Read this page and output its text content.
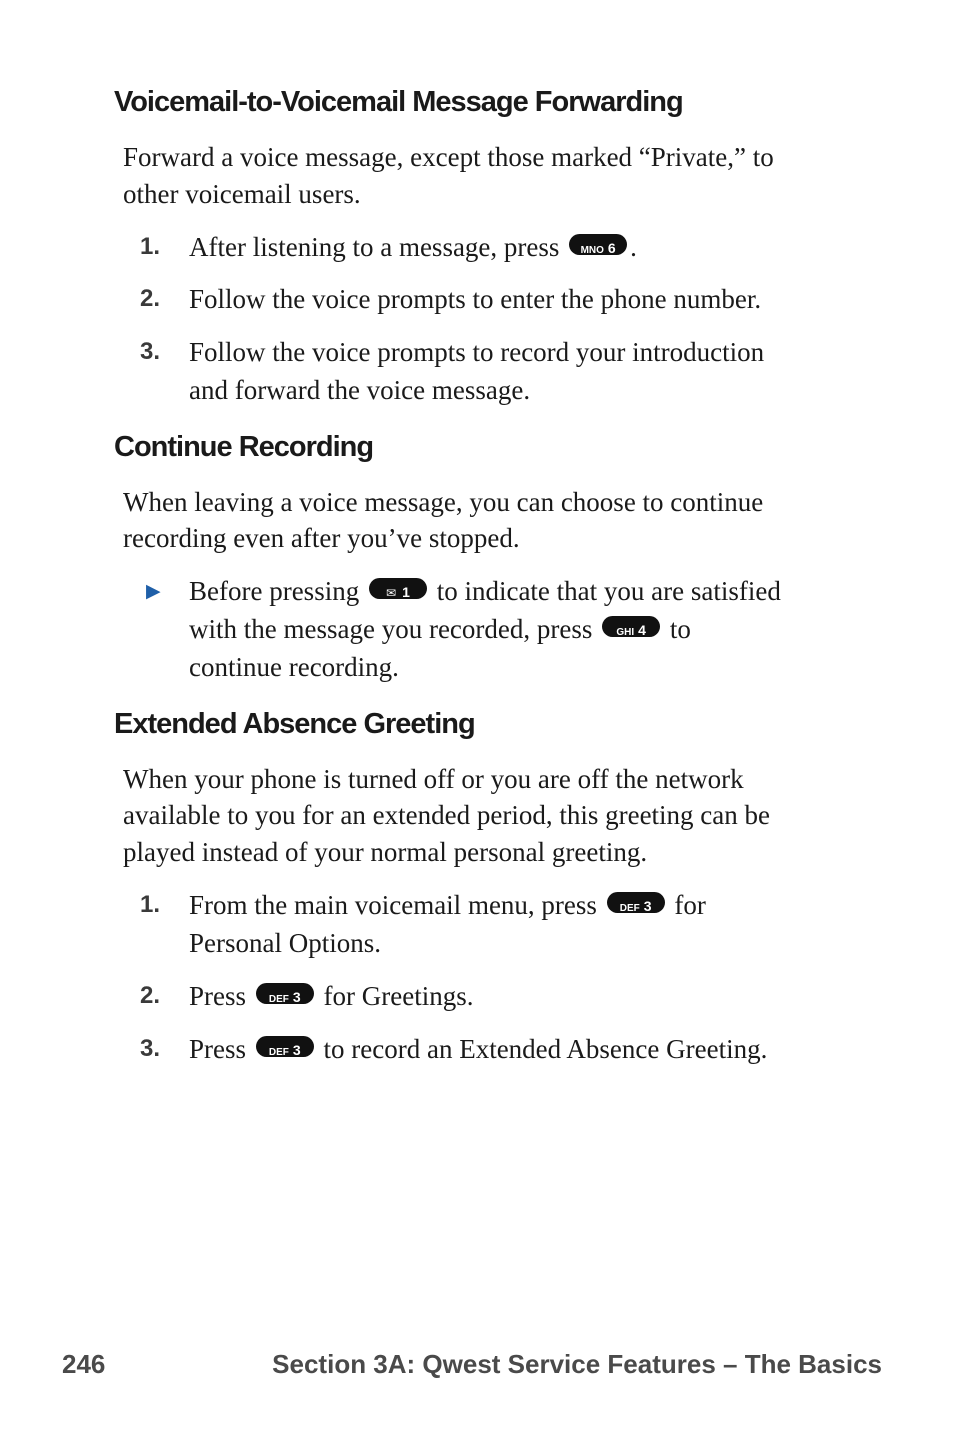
Voicemail-to-Voicemail Message Forwarding

Forward a voice message, except those marked “Private,” to

other voicemail users.

1. After listening to a message, press MNO 6 .
2. Follow the voice prompts to enter the phone number.
3. Follow the voice prompts to record your introduction
and forward the voice message.
Continue Recording

When leaving a voice message, you can choose to continue

recording even after you’ve stopped.

▶ Before pressing ✉ 1 to indicate that you are satisfied
with the message you recorded, press GHI 4 to
continue recording.
Extended Absence Greeting

When your phone is turned off or you are off the network

available to you for an extended period, this greeting can be

played instead of your normal personal greeting.

1. From the main voicemail menu, press DEF 3 for
Personal Options.
2. Press DEF 3 for Greetings.
3. Press DEF 3 to record an Extended Absence Greeting.
246	Section 3A: Qwest Service Features – The Basics
